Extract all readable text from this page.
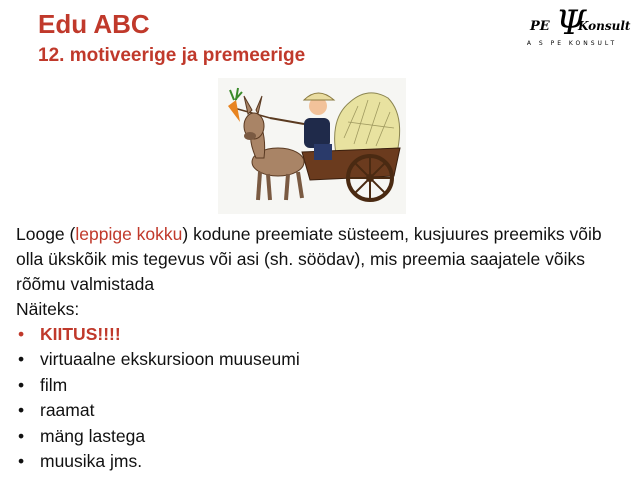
Edu ABC
12. motiveerige ja premeerige
PE Ψ
Konsult
A S PE KONSULT

Looge (leppige kokku) kodune preemiate süsteem, kusjuures preemiks võib olla ükskõik mis tegevus või asi (sh. söödav), mis preemia saajatele võiks rõõmu valmistada

Näiteks:

• KIITUS!!!!
• virtuaalne ekskursioon muuseumi
• film
• raamat
• mäng lastega
• muusika jms.
